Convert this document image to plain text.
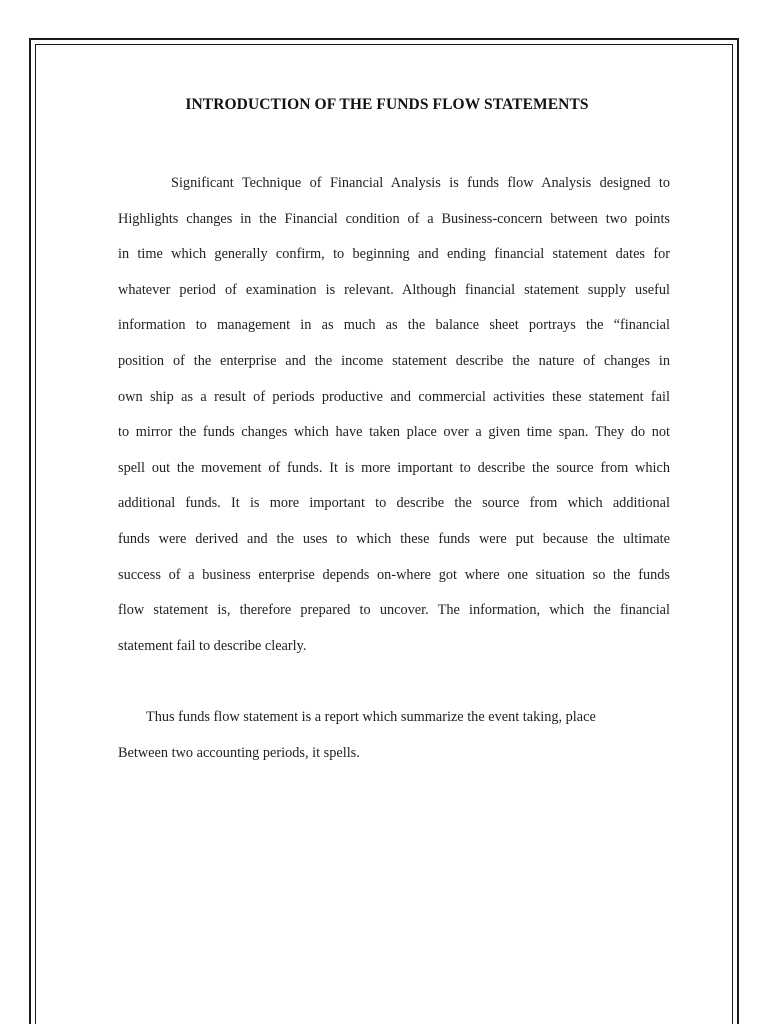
INTRODUCTION OF THE FUNDS FLOW STATEMENTS
Significant Technique of Financial Analysis is funds flow Analysis designed to
Highlights changes in the Financial condition of a Business-concern between two points
in time which generally confirm, to beginning and ending financial statement dates for
whatever period of examination is relevant. Although financial statement supply useful
information to management in as much as the balance sheet portrays the “financial
position of the enterprise and the income statement describe the nature of changes in
own ship as a result of periods productive and commercial activities these statement fail
to mirror the funds changes which have taken place over a given time span. They do not
spell out the movement of funds. It is more important to describe the source from which
additional funds. It is more important to describe the source from which additional
funds were derived and the uses to which these funds were put because the ultimate
success of a business enterprise depends on-where got where one situation so the funds
flow statement is, therefore prepared to uncover. The information, which the financial
statement fail to describe clearly.
Thus funds flow statement is a report which summarize the event taking, place
Between two accounting periods, it spells.
